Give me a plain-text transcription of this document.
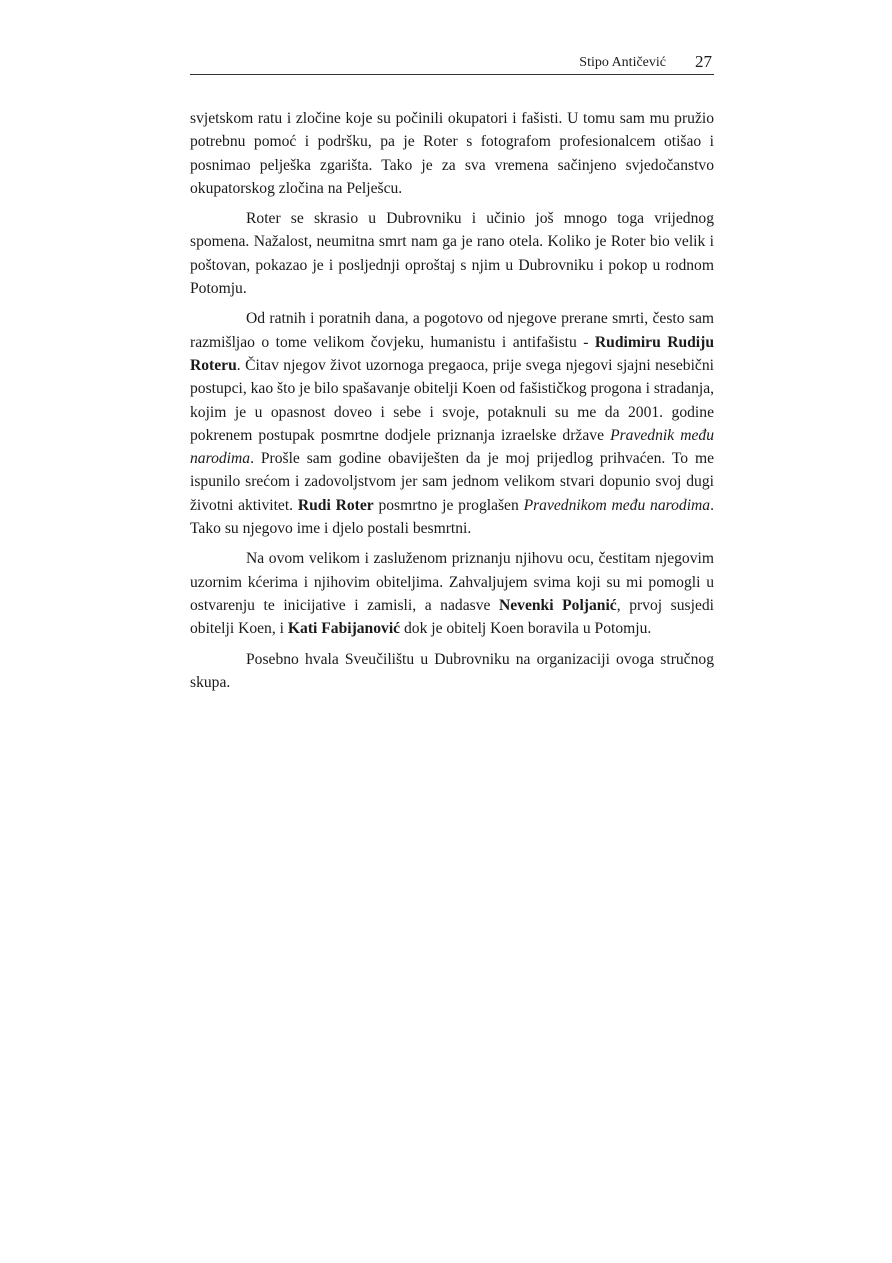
Stipo Antičević 27

svjetskom ratu i zločine koje su počinili okupatori i fašisti. U tomu sam mu pružio potrebnu pomoć i podršku, pa je Roter s fotografom profesionalcem otišao i posnimao pelješka zgarišta. Tako je za sva vremena sačinjeno svjedočanstvo okupatorskog zločina na Pelješcu.

Roter se skrasio u Dubrovniku i učinio još mnogo toga vrijednog spomena. Nažalost, neumitna smrt nam ga je rano otela. Koliko je Roter bio velik i poštovan, pokazao je i posljednji oproštaj s njim u Dubrovniku i pokop u rodnom Potomju.

Od ratnih i poratnih dana, a pogotovo od njegove prerane smrti, često sam razmišljao o tome velikom čovjeku, humanistu i antifašistu - Rudimiru Rudiju Roteru. Čitav njegov život uzornoga pregaoca, prije svega njegovi sjajni nesebični postupci, kao što je bilo spašavanje obitelji Koen od fašističkog progona i stradanja, kojim je u opasnost doveo i sebe i svoje, potaknuli su me da 2001. godine pokrenem postupak posmrtne dodjele priznanja izraelske države Pravednik među narodima. Prošle sam godine obaviješten da je moj prijedlog prihvaćen. To me ispunilo srećom i zadovoljstvom jer sam jednom velikom stvari dopunio svoj dugi životni aktivitet. Rudi Roter posmrtno je proglašen Pravednikom među narodima. Tako su njegovo ime i djelo postali besmrtni.

Na ovom velikom i zasluženom priznanju njihovu ocu, čestitam njegovim uzornim kćerima i njihovim obiteljima. Zahvaljujem svima koji su mi pomogli u ostvarenju te inicijative i zamisli, a nadasve Nevenki Poljanić, prvoj susjedi obitelji Koen, i Kati Fabijanović dok je obitelj Koen boravila u Potomju.

Posebno hvala Sveučilištu u Dubrovniku na organizaciji ovoga stručnog skupa.
